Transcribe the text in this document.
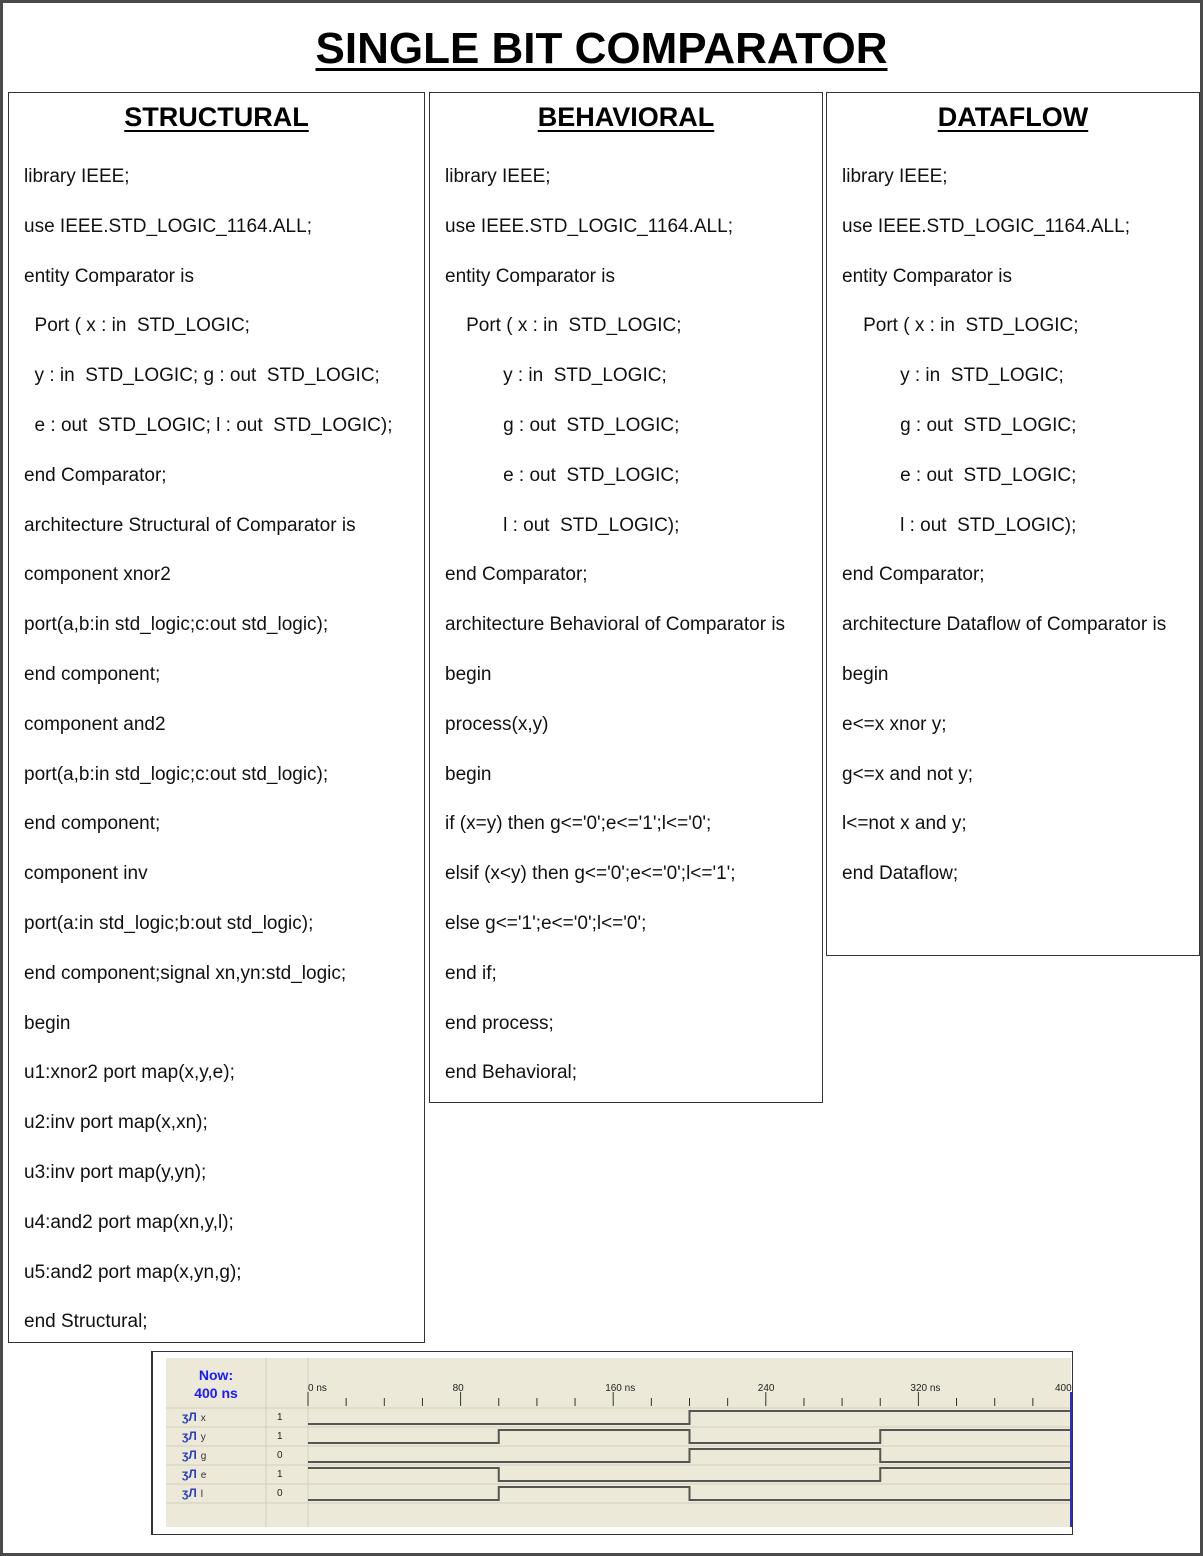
SINGLE BIT COMPARATOR
STRUCTURAL
library IEEE;
use IEEE.STD_LOGIC_1164.ALL;
entity Comparator is
Port ( x : in  STD_LOGIC;
y : in  STD_LOGIC; g : out  STD_LOGIC;
e : out  STD_LOGIC; l : out  STD_LOGIC);
end Comparator;
architecture Structural of Comparator is
component xnor2
port(a,b:in std_logic;c:out std_logic);
end component;
component and2
port(a,b:in std_logic;c:out std_logic);
end component;
component inv
port(a:in std_logic;b:out std_logic);
end component;signal xn,yn:std_logic;
begin
u1:xnor2 port map(x,y,e);
u2:inv port map(x,xn);
u3:inv port map(y,yn);
u4:and2 port map(xn,y,l);
u5:and2 port map(x,yn,g);
end Structural;
BEHAVIORAL
library IEEE;
use IEEE.STD_LOGIC_1164.ALL;
entity Comparator is
Port ( x : in  STD_LOGIC;
y : in  STD_LOGIC;
g : out  STD_LOGIC;
e : out  STD_LOGIC;
l : out  STD_LOGIC);
end Comparator;
architecture Behavioral of Comparator is
begin
process(x,y)
begin
if (x=y) then g<='0';e<='1';l<='0';
elsif (x<y) then g<='0';e<='0';l<='1';
else g<='1';e<='0';l<='0';
end if;
end process;
end Behavioral;
DATAFLOW
library IEEE;
use IEEE.STD_LOGIC_1164.ALL;
entity Comparator is
Port ( x : in  STD_LOGIC;
y : in  STD_LOGIC;
g : out  STD_LOGIC;
e : out  STD_LOGIC;
l : out  STD_LOGIC);
end Comparator;
architecture Dataflow of Comparator is
begin
e<=x xnor y;
g<=x and not y;
l<=not x and y;
end Dataflow;
Now:
400 ns	0 ns	80	160 ns	240	320 ns	400
ʒЛ x	1
ʒЛ y	1
ʒЛ g	0
ʒЛ e	1
ʒЛ l	0
